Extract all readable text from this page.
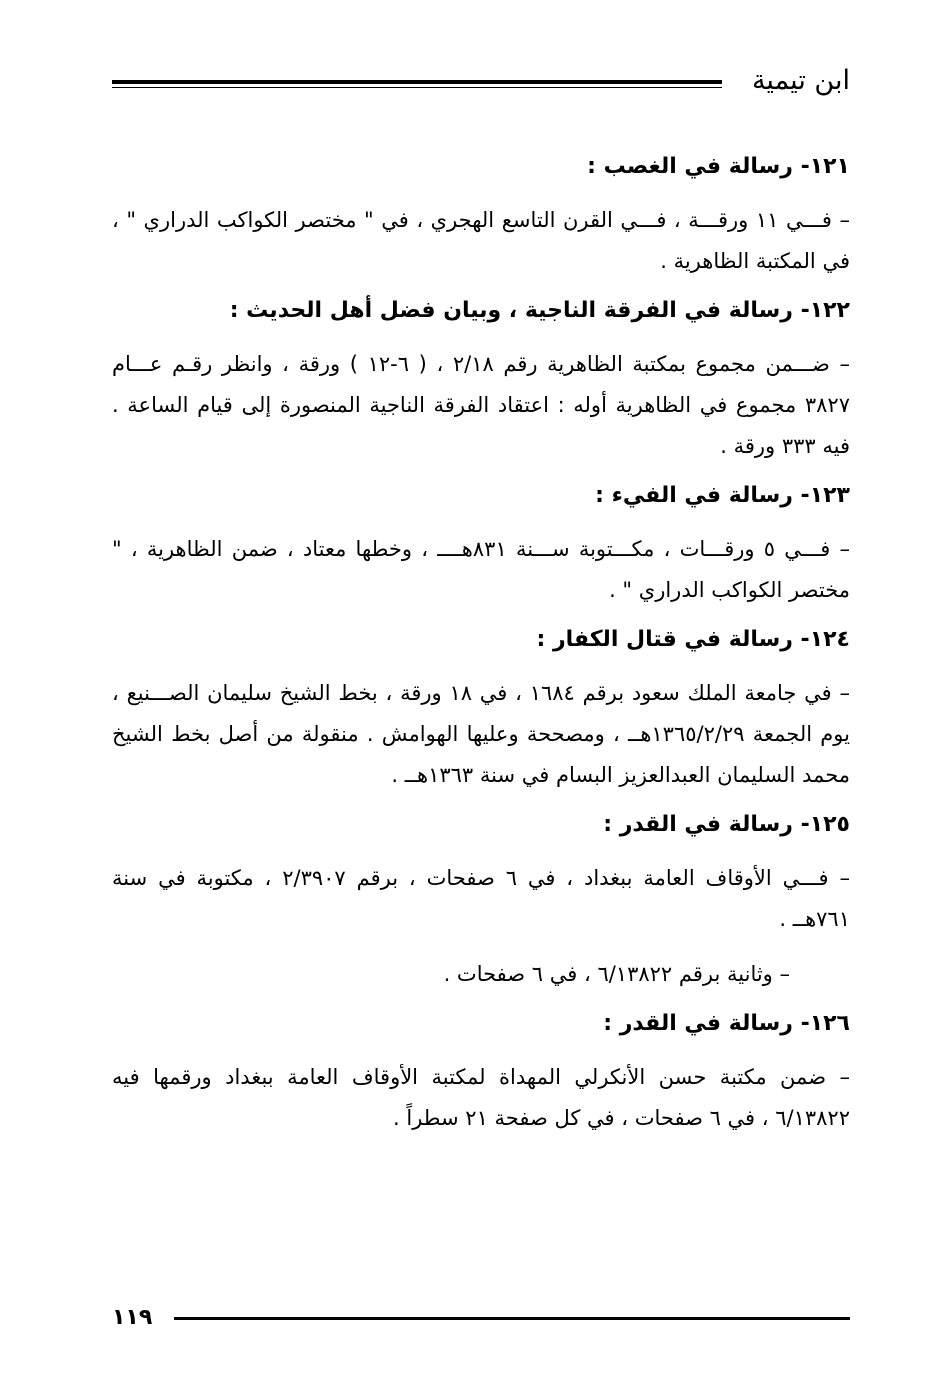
ابن تيمية
١٢١- رسالة في الغصب :

– فـــي ١١ ورقـــة ، فـــي القرن التاسع الهجري ، في " مختصر الكواكب الدراري " ، في المكتبة الظاهرية .

١٢٢- رسالة في الفرقة الناجية ، وبيان فضل أهل الحديث :

– ضـــمن مجموع بمكتبة الظاهرية رقم ٢/١٨ ، ( ٦-١٢ ) ورقة ، وانظر رقـم عـــام ٣٨٢٧ مجموع في الظاهرية أوله : اعتقاد الفرقة الناجية المنصورة إلى قيام الساعة . فيه ٣٣٣ ورقة .

١٢٣- رسالة في الفيء :

– فـــي ٥ ورقـــات ، مكـــتوبة ســـنة ٨٣١هــــ ، وخطها معتاد ، ضمن الظاهرية ، " مختصر الكواكب الدراري " .

١٢٤- رسالة في قتال الكفار :

– في جامعة الملك سعود برقم ١٦٨٤ ، في ١٨ ورقة ، بخط الشيخ سليمان الصـــنيع ، يوم الجمعة ١٣٦٥/٢/٢٩هــ ، ومصححة وعليها الهوامش . منقولة من أصل بخط الشيخ محمد السليمان العبدالعزيز البسام في سنة ١٣٦٣هــ .

١٢٥- رسالة في القدر :

– فـــي الأوقاف العامة ببغداد ، في ٦ صفحات ، برقم ٢/٣٩٠٧ ، مكتوبة في سنة ٧٦١هــ .

– وثانية برقم ٦/١٣٨٢٢ ، في ٦ صفحات .

١٢٦- رسالة في القدر :

– ضمن مكتبة حسن الأنكرلي المهداة لمكتبة الأوقاف العامة ببغداد ورقمها فيه ٦/١٣٨٢٢ ، في ٦ صفحات ، في كل صفحة ٢١ سطراً .

١١٩
